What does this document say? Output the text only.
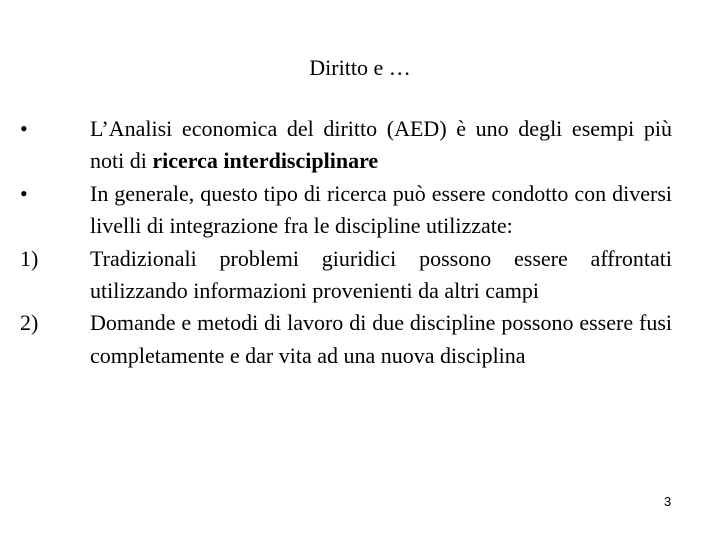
Diritto e …
•	L’Analisi economica del diritto (AED) è uno degli esempi più noti di ricerca interdisciplinare
•	In generale, questo tipo di ricerca può essere condotto con diversi livelli di integrazione fra le discipline utilizzate:
1)	Tradizionali problemi giuridici possono essere affrontati utilizzando informazioni provenienti da altri campi
2)	Domande e metodi di lavoro di due discipline possono essere fusi completamente e dar vita ad una nuova disciplina
3
